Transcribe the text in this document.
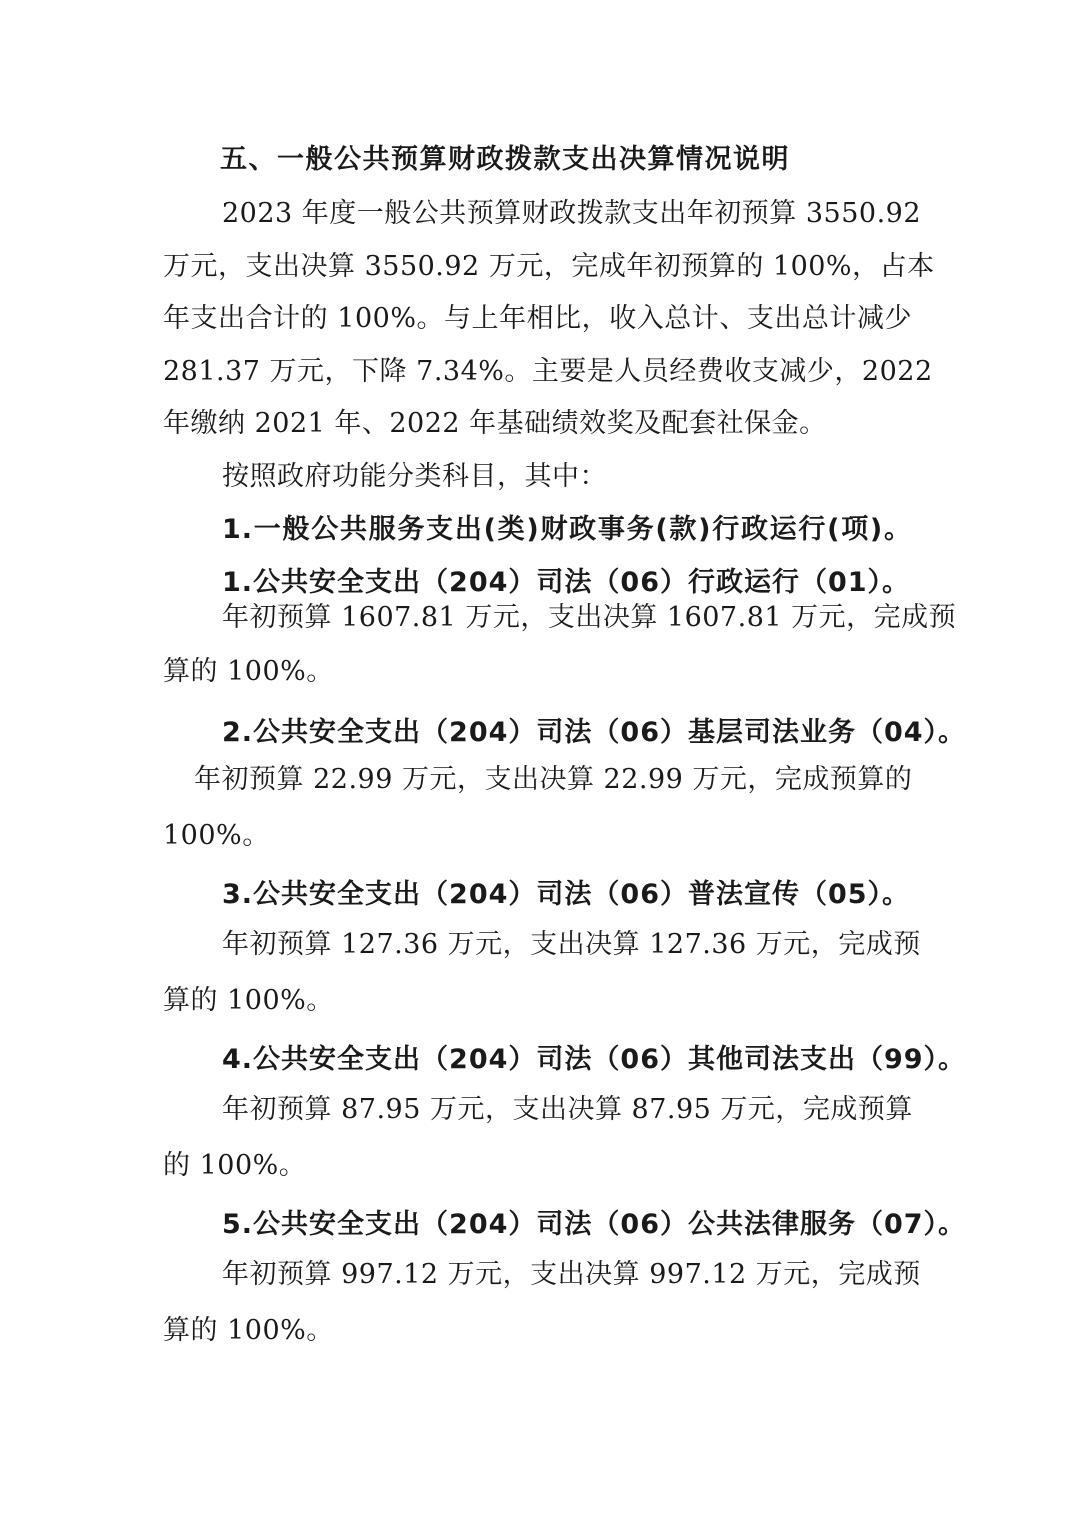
五、一般公共预算财政拨款支出决算情况说明
2023 年度一般公共预算财政拨款支出年初预算 3550.92
万元，支出决算 3550.92 万元，完成年初预算的 100%，占本
年支出合计的 100%。与上年相比，收入总计、支出总计减少
281.37 万元，下降 7.34%。主要是人员经费收支减少，2022
年缴纳 2021 年、2022 年基础绩效奖及配套社保金。
按照政府功能分类科目，其中：
1.一般公共服务支出(类)财政事务(款)行政运行(项)。
1.公共安全支出（204）司法（06）行政运行（01）。
年初预算 1607.81 万元，支出决算 1607.81 万元，完成预
算的 100%。
2.公共安全支出（204）司法（06）基层司法业务（04）。
年初预算 22.99 万元，支出决算 22.99 万元，完成预算的
100%。
3.公共安全支出（204）司法（06）普法宣传（05）。
年初预算 127.36 万元，支出决算 127.36 万元，完成预
算的 100%。
4.公共安全支出（204）司法（06）其他司法支出（99）。
年初预算 87.95 万元，支出决算 87.95 万元，完成预算
的 100%。
5.公共安全支出（204）司法（06）公共法律服务（07）。
年初预算 997.12 万元，支出决算 997.12 万元，完成预
算的 100%。
